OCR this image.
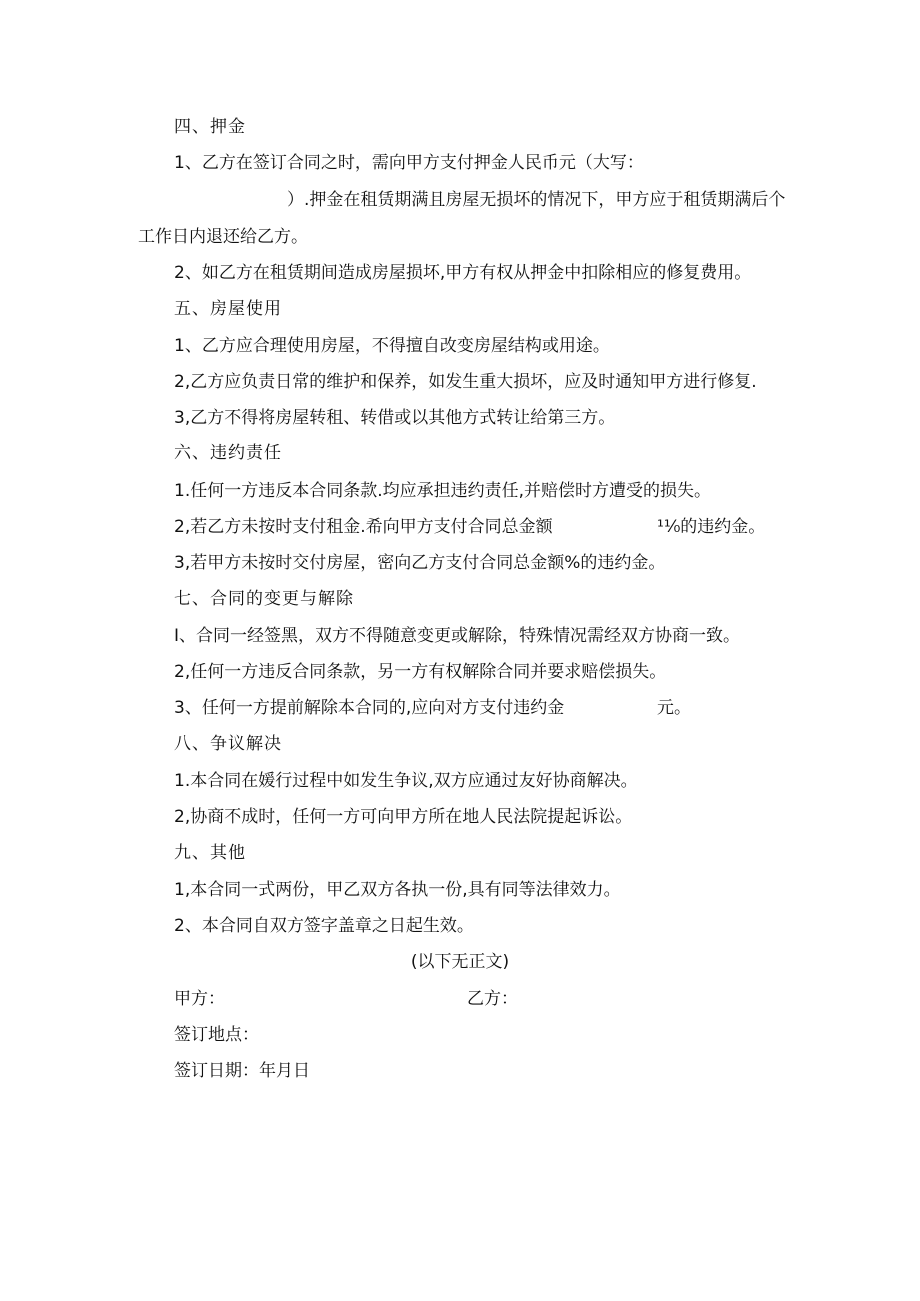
四、押金
1、乙方在签订合同之时，需向甲方支付押金人民币元（大写：
）.押金在租赁期满且房屋无损坏的情况下，甲方应于租赁期满后个
工作日内退还给乙方。
2、如乙方在租赁期间造成房屋损坏,甲方有权从押金中扣除相应的修复费用。
五、房屋使用
1、乙方应合理使用房屋，不得擅自改变房屋结构或用途。
2,乙方应负责日常的维护和保养，如发生重大损坏，应及时通知甲方进行修复.
3,乙方不得将房屋转租、转借或以其他方式转让给第三方。
六、违约责任
1.任何一方违反本合同条款.均应承担违约责任,并赔偿时方遭受的损失。
2,若乙方未按时支付租金.希向甲方支付合同总金额	¹¹⁄₀的违约金。
3,若甲方未按时交付房屋，密向乙方支付合同总金额%的违约金。
七、合同的变更与解除
I、合同一经签黑，双方不得随意变更或解除，特殊情况需经双方协商一致。
2,任何一方违反合同条款，另一方有权解除合同并要求赔偿损失。
3、任何一方提前解除本合同的,应向对方支付违约金	元。
八、争议解决
1.本合同在媛行过程中如发生争议,双方应通过友好协商解决。
2,协商不成时，任何一方可向甲方所在地人民法院提起诉讼。
九、其他
1,本合同一式两份，甲乙双方各执一份,具有同等法律效力。
2、本合同自双方签字盖章之日起生效。
(以下无正文)
甲方：	乙方：
签订地点：
签订日期：年月日
